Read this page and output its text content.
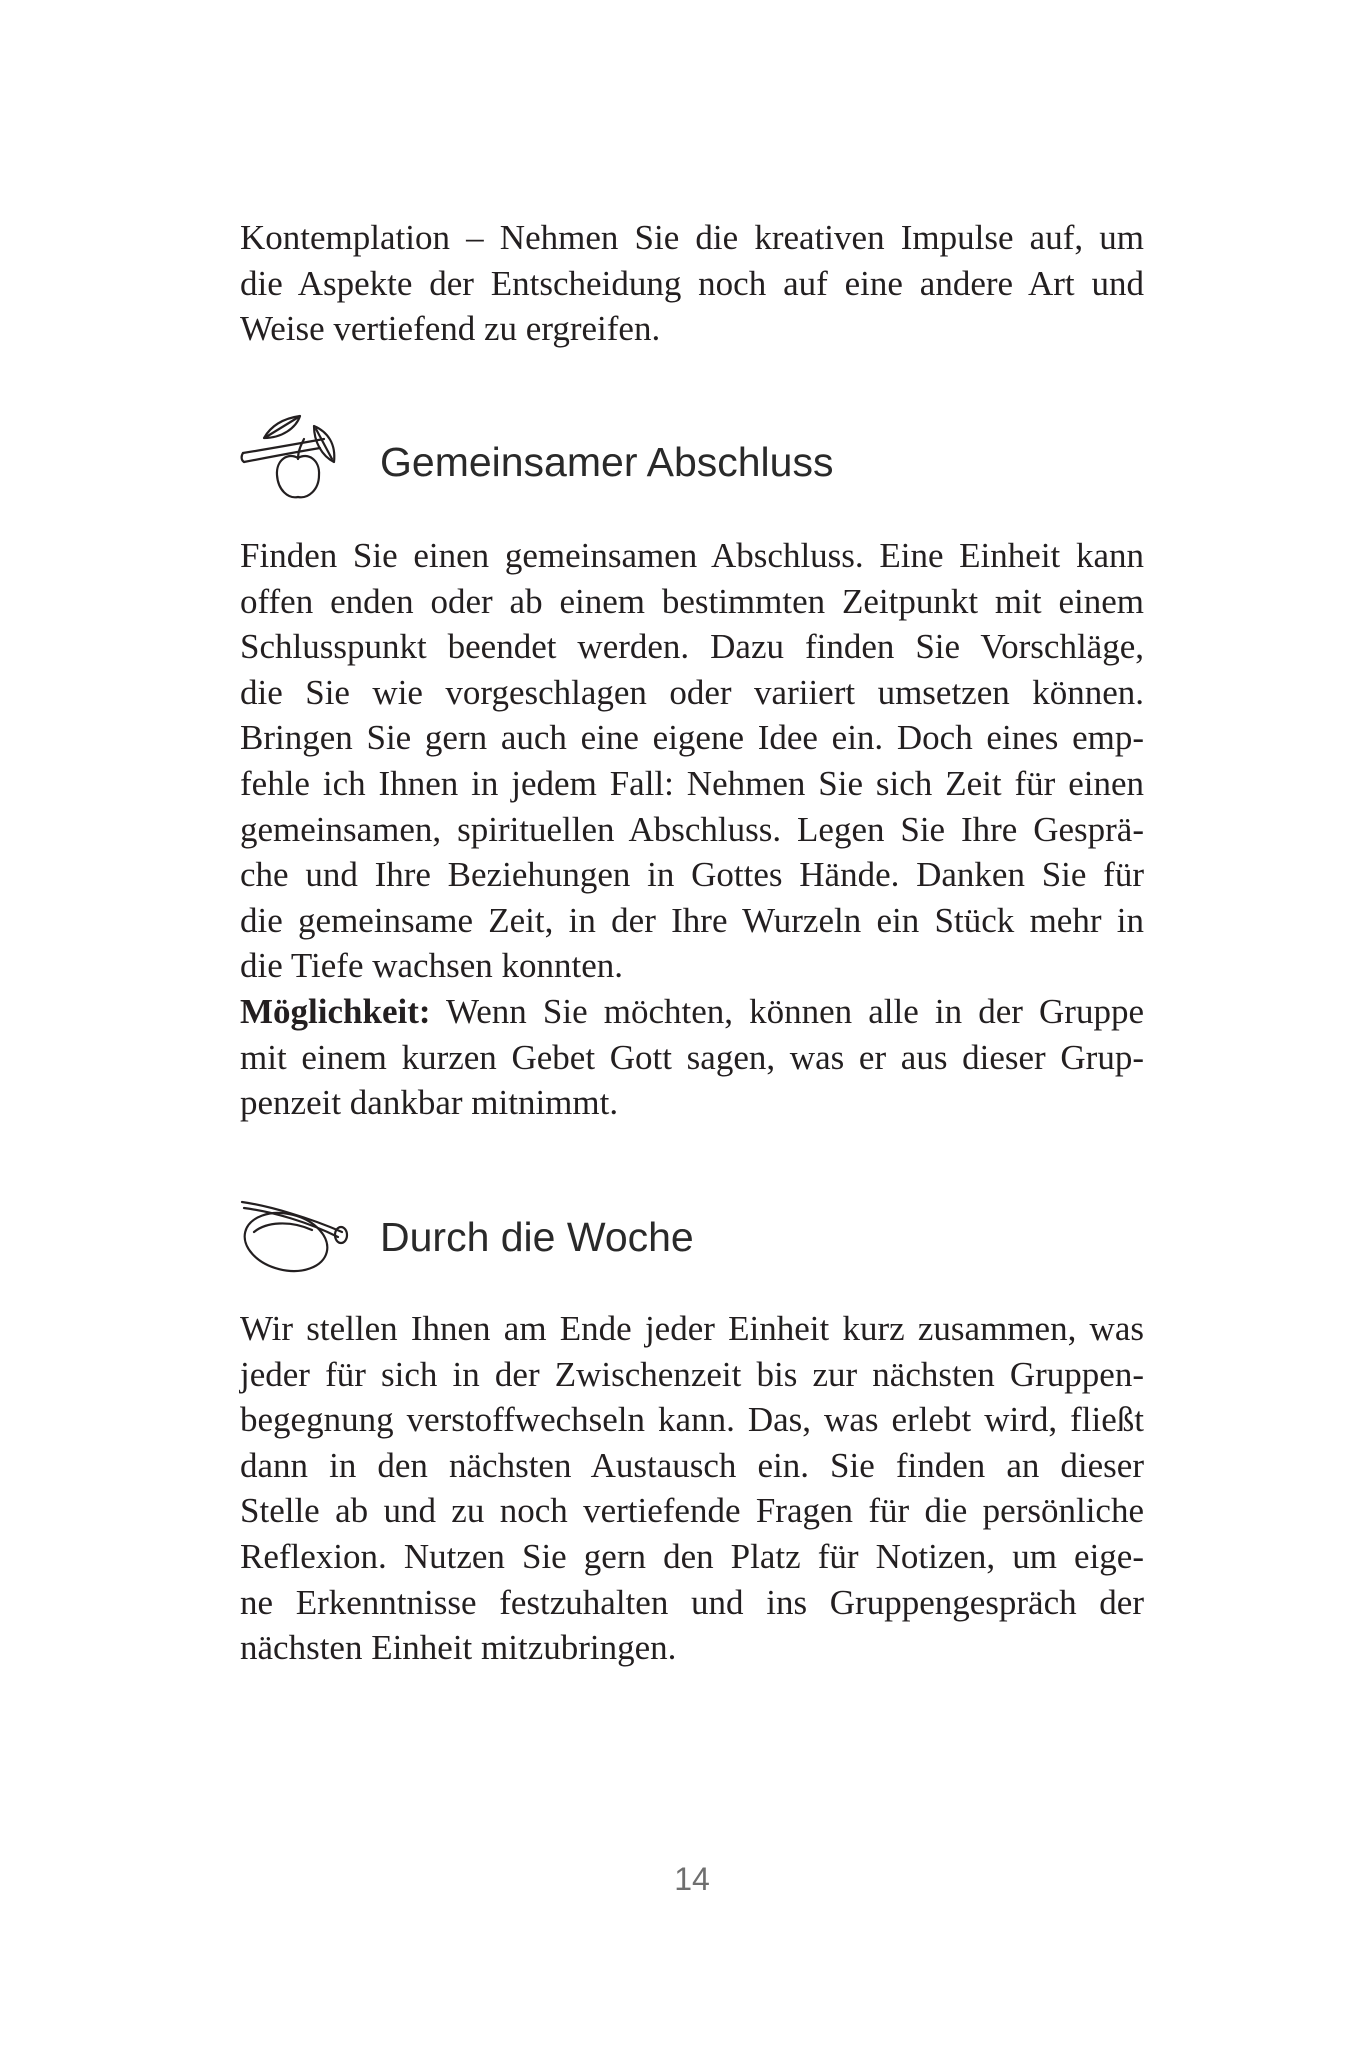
Kontemplation – Nehmen Sie die kreativen Impulse auf, um
die Aspekte der Entscheidung noch auf eine andere Art und
Weise vertiefend zu ergreifen.
Gemeinsamer Abschluss
Finden Sie einen gemeinsamen Abschluss. Eine Einheit kann
offen enden oder ab einem bestimmten Zeitpunkt mit einem
Schlusspunkt beendet werden. Dazu finden Sie Vorschläge,
die Sie wie vorgeschlagen oder variiert umsetzen können.
Bringen Sie gern auch eine eigene Idee ein. Doch eines emp-
fehle ich Ihnen in jedem Fall: Nehmen Sie sich Zeit für einen
gemeinsamen, spirituellen Abschluss. Legen Sie Ihre Gesprä-
che und Ihre Beziehungen in Gottes Hände. Danken Sie für
die gemeinsame Zeit, in der Ihre Wurzeln ein Stück mehr in
die Tiefe wachsen konnten.
Möglichkeit: Wenn Sie möchten, können alle in der Gruppe
mit einem kurzen Gebet Gott sagen, was er aus dieser Grup-
penzeit dankbar mitnimmt.
Durch die Woche
Wir stellen Ihnen am Ende jeder Einheit kurz zusammen, was
jeder für sich in der Zwischenzeit bis zur nächsten Gruppen-
begegnung verstoffwechseln kann. Das, was erlebt wird, fließt
dann in den nächsten Austausch ein. Sie finden an dieser
Stelle ab und zu noch vertiefende Fragen für die persönliche
Reflexion. Nutzen Sie gern den Platz für Notizen, um eige-
ne Erkenntnisse festzuhalten und ins Gruppengespräch der
nächsten Einheit mitzubringen.
14
